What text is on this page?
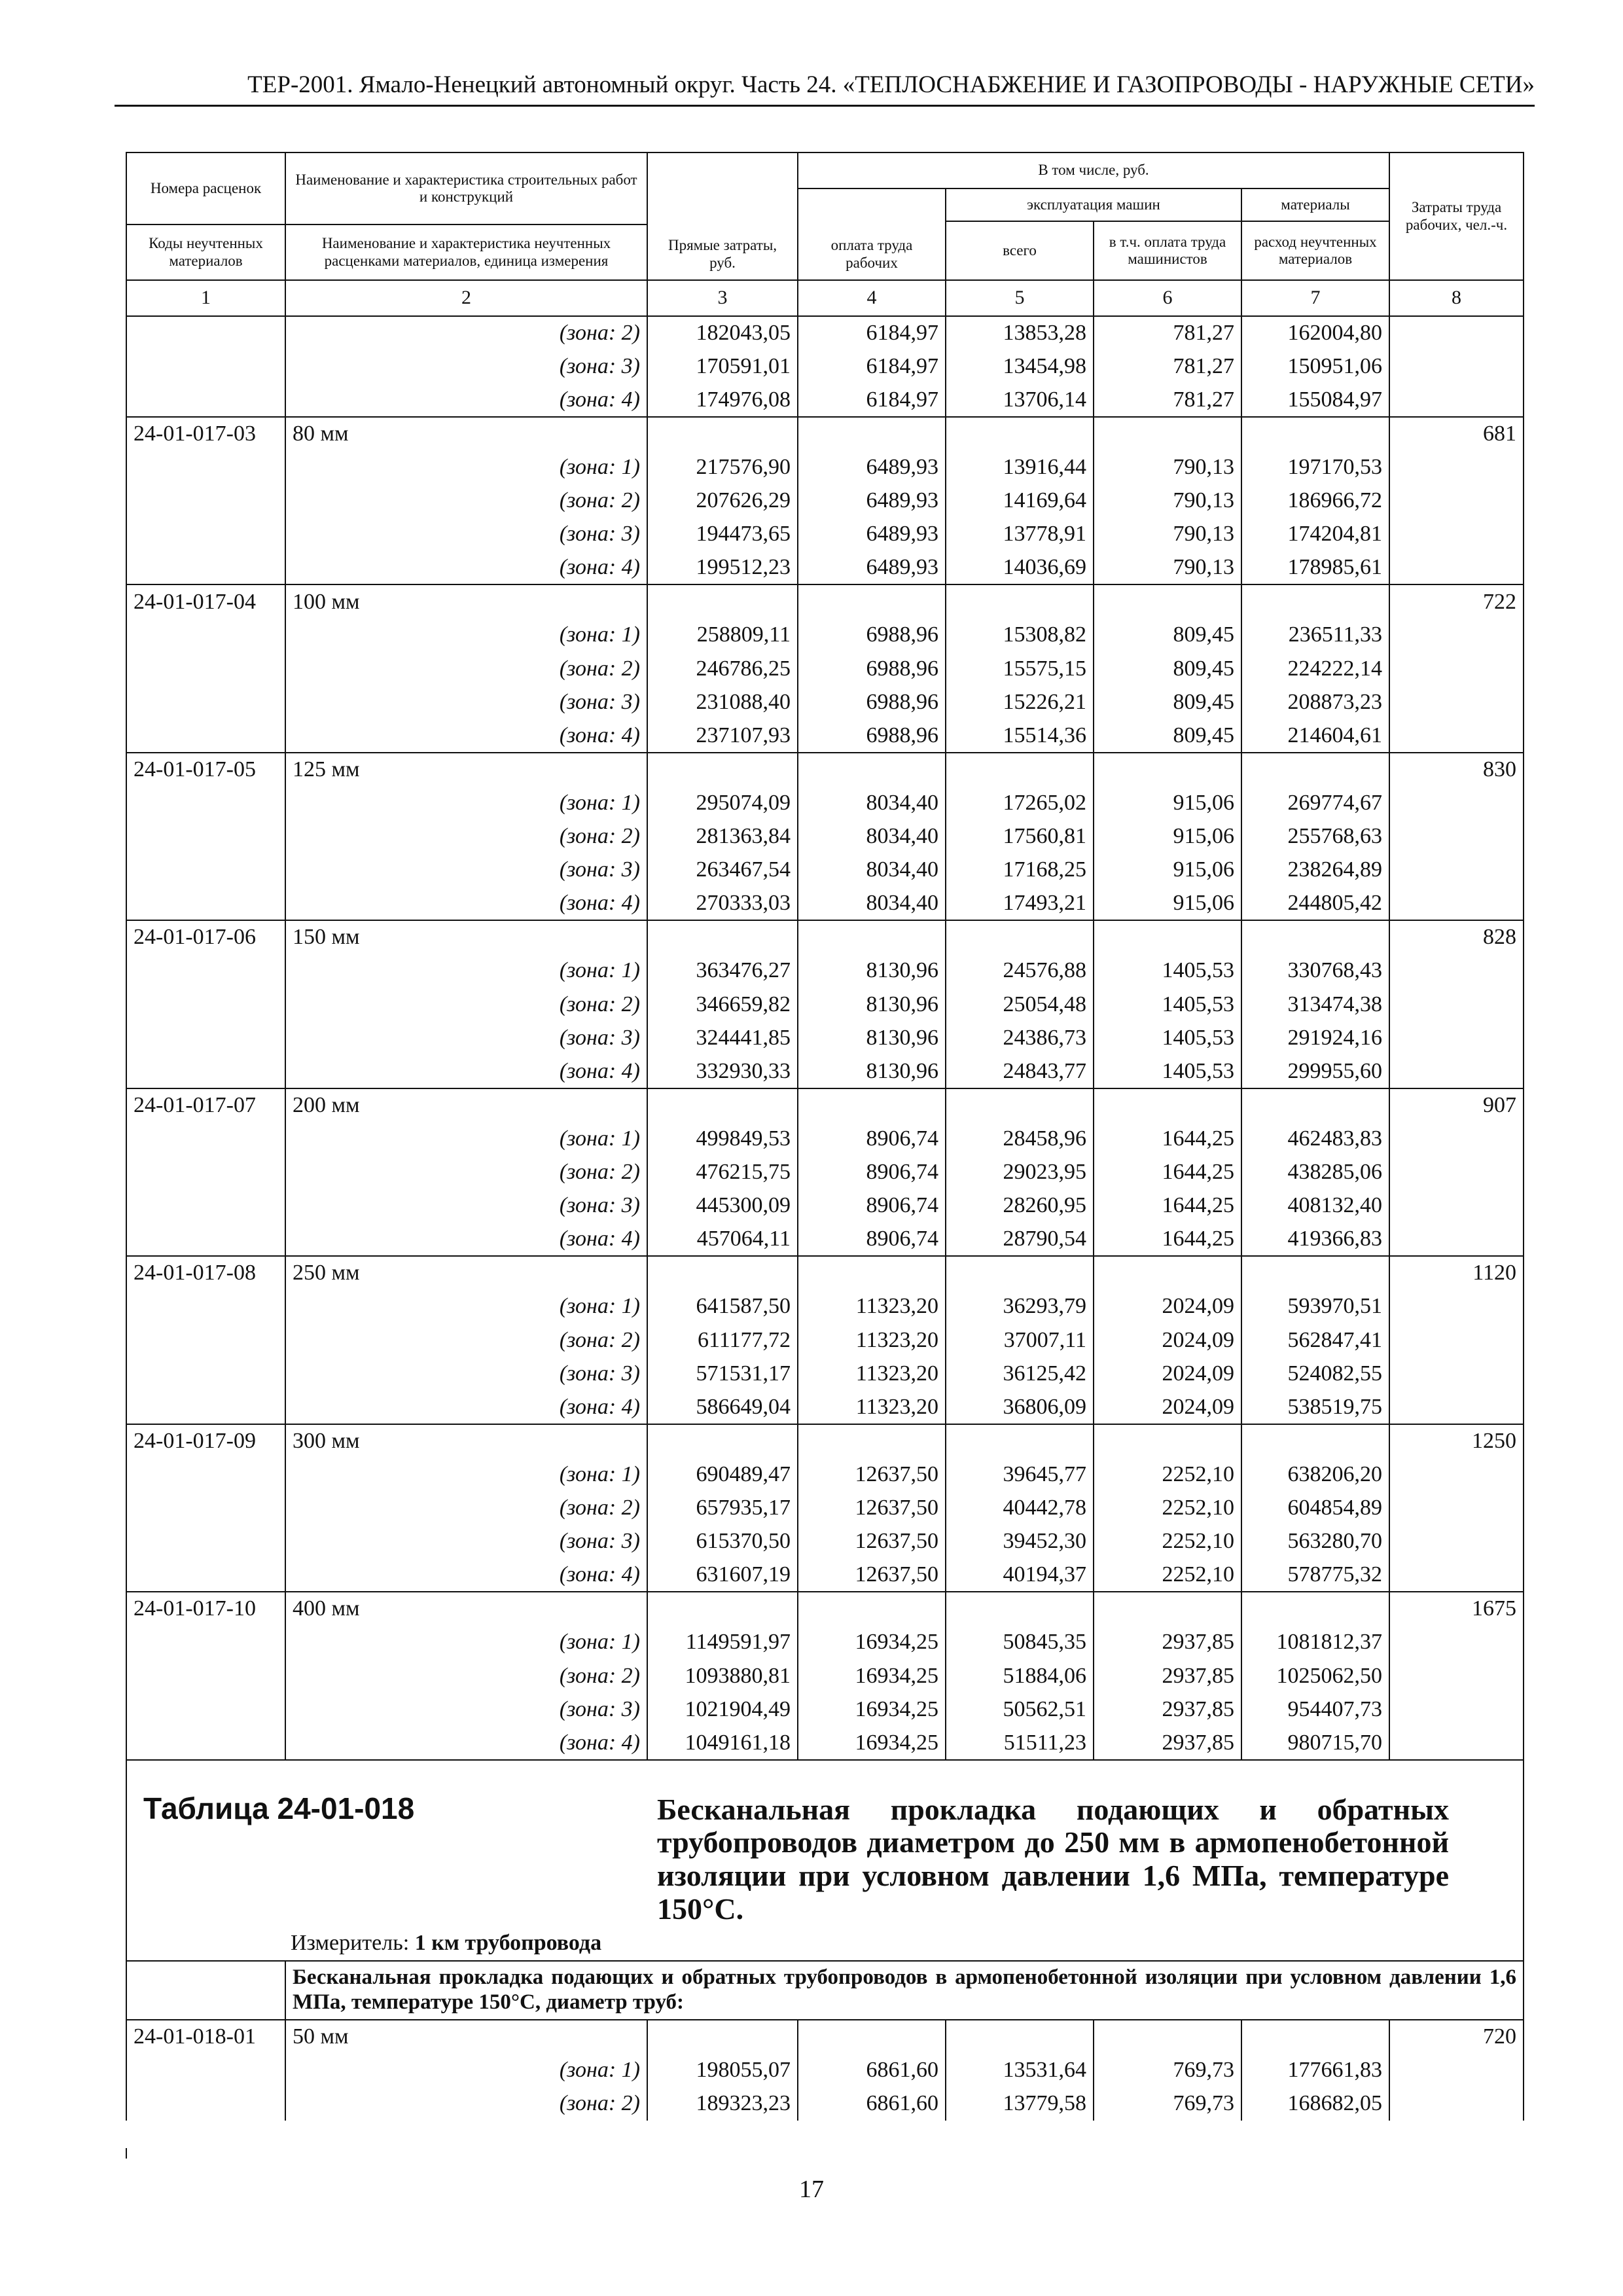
ТЕР-2001. Ямало-Ненецкий автономный округ. Часть 24. «ТЕПЛОСНАБЖЕНИЕ И ГАЗОПРОВОДЫ - НАРУЖНЫЕ СЕТИ»
Номера расценок	Наименование и характеристика строительных работ и конструкций	Прямые затраты, руб.	В том числе, руб.				Затраты труда рабочих, чел.-ч.
			оплата труда рабочих	эксплуатация машин		материалы	
				всего	в т.ч. оплата труда машинистов	расход неучтенных материалов	
Коды неучтенных материалов	Наименование и характеристика неучтенных расценками материалов, единица измерения						
1	2	3	4	5	6	7	8
	(зона: 2)	182043,05	6184,97	13853,28	781,27	162004,80	
	(зона: 3)	170591,01	6184,97	13454,98	781,27	150951,06	
	(зона: 4)	174976,08	6184,97	13706,14	781,27	155084,97	
24-01-017-03	80 мм						681
	(зона: 1)	217576,90	6489,93	13916,44	790,13	197170,53	
	(зона: 2)	207626,29	6489,93	14169,64	790,13	186966,72	
	(зона: 3)	194473,65	6489,93	13778,91	790,13	174204,81	
	(зона: 4)	199512,23	6489,93	14036,69	790,13	178985,61	
24-01-017-04	100 мм						722
	(зона: 1)	258809,11	6988,96	15308,82	809,45	236511,33	
	(зона: 2)	246786,25	6988,96	15575,15	809,45	224222,14	
	(зона: 3)	231088,40	6988,96	15226,21	809,45	208873,23	
	(зона: 4)	237107,93	6988,96	15514,36	809,45	214604,61	
24-01-017-05	125 мм						830
	(зона: 1)	295074,09	8034,40	17265,02	915,06	269774,67	
	(зона: 2)	281363,84	8034,40	17560,81	915,06	255768,63	
	(зона: 3)	263467,54	8034,40	17168,25	915,06	238264,89	
	(зона: 4)	270333,03	8034,40	17493,21	915,06	244805,42	
24-01-017-06	150 мм						828
	(зона: 1)	363476,27	8130,96	24576,88	1405,53	330768,43	
	(зона: 2)	346659,82	8130,96	25054,48	1405,53	313474,38	
	(зона: 3)	324441,85	8130,96	24386,73	1405,53	291924,16	
	(зона: 4)	332930,33	8130,96	24843,77	1405,53	299955,60	
24-01-017-07	200 мм						907
	(зона: 1)	499849,53	8906,74	28458,96	1644,25	462483,83	
	(зона: 2)	476215,75	8906,74	29023,95	1644,25	438285,06	
	(зона: 3)	445300,09	8906,74	28260,95	1644,25	408132,40	
	(зона: 4)	457064,11	8906,74	28790,54	1644,25	419366,83	
24-01-017-08	250 мм						1120
	(зона: 1)	641587,50	11323,20	36293,79	2024,09	593970,51	
	(зона: 2)	611177,72	11323,20	37007,11	2024,09	562847,41	
	(зона: 3)	571531,17	11323,20	36125,42	2024,09	524082,55	
	(зона: 4)	586649,04	11323,20	36806,09	2024,09	538519,75	
24-01-017-09	300 мм						1250
	(зона: 1)	690489,47	12637,50	39645,77	2252,10	638206,20	
	(зона: 2)	657935,17	12637,50	40442,78	2252,10	604854,89	
	(зона: 3)	615370,50	12637,50	39452,30	2252,10	563280,70	
	(зона: 4)	631607,19	12637,50	40194,37	2252,10	578775,32	
24-01-017-10	400 мм						1675
	(зона: 1)	1149591,97	16934,25	50845,35	2937,85	1081812,37	
	(зона: 2)	1093880,81	16934,25	51884,06	2937,85	1025062,50	
	(зона: 3)	1021904,49	16934,25	50562,51	2937,85	954407,73	
	(зона: 4)	1049161,18	16934,25	51511,23	2937,85	980715,70	

Таблица 24-01-018 Бесканальная прокладка подающих и обратных трубопроводов диаметром до 250 мм в армопенобетонной изоляции при условном давлении 1,6 МПа, температуре 150°С.
Измеритель: 1 км трубопровода							

	Бесканальная прокладка подающих и обратных трубопроводов в армопенобетонной изоляции при условном давлении 1,6 МПа, температуре 150°С, диаметр труб:						
24-01-018-01	50 мм						720
	(зона: 1)	198055,07	6861,60	13531,64	769,73	177661,83	
	(зона: 2)	189323,23	6861,60	13779,58	769,73	168682,05	
17
